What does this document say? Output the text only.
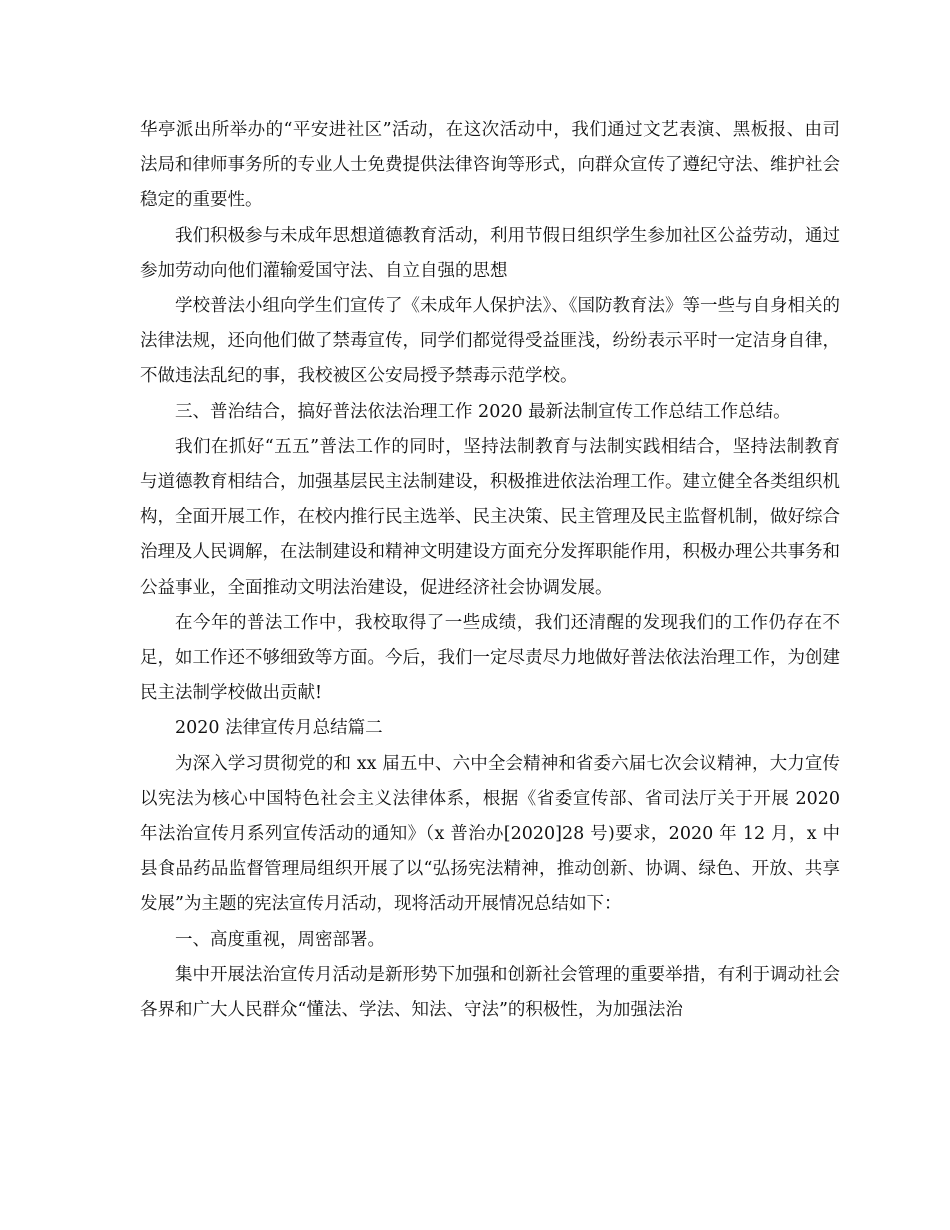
华亭派出所举办的“平安进社区”活动，在这次活动中，我们通过文艺表演、黑板报、由司法局和律师事务所的专业人士免费提供法律咨询等形式，向群众宣传了遵纪守法、维护社会稳定的重要性。

我们积极参与未成年思想道德教育活动，利用节假日组织学生参加社区公益劳动，通过参加劳动向他们灌输爱国守法、自立自强的思想

学校普法小组向学生们宣传了《未成年人保护法》、《国防教育法》等一些与自身相关的法律法规，还向他们做了禁毒宣传，同学们都觉得受益匪浅，纷纷表示平时一定洁身自律，不做违法乱纪的事，我校被区公安局授予禁毒示范学校。

三、普治结合，搞好普法依法治理工作 2020 最新法制宣传工作总结工作总结。

我们在抓好“五五”普法工作的同时，坚持法制教育与法制实践相结合，坚持法制教育与道德教育相结合，加强基层民主法制建设，积极推进依法治理工作。建立健全各类组织机构，全面开展工作，在校内推行民主选举、民主决策、民主管理及民主监督机制，做好综合治理及人民调解，在法制建设和精神文明建设方面充分发挥职能作用，积极办理公共事务和公益事业，全面推动文明法治建设，促进经济社会协调发展。

在今年的普法工作中，我校取得了一些成绩，我们还清醒的发现我们的工作仍存在不足，如工作还不够细致等方面。今后，我们一定尽责尽力地做好普法依法治理工作，为创建民主法制学校做出贡献!

2020 法律宣传月总结篇二

为深入学习贯彻党的和 xx 届五中、六中全会精神和省委六届七次会议精神，大力宣传以宪法为核心中国特色社会主义法律体系，根据《省委宣传部、省司法厅关于开展 2020 年法治宣传月系列宣传活动的通知》（x 普治办[2020]28 号)要求，2020 年 12 月，x 中县食品药品监督管理局组织开展了以“弘扬宪法精神，推动创新、协调、绿色、开放、共享发展”为主题的宪法宣传月活动，现将活动开展情况总结如下：

一、高度重视，周密部署。

集中开展法治宣传月活动是新形势下加强和创新社会管理的重要举措，有利于调动社会各界和广大人民群众“懂法、学法、知法、守法”的积极性，为加强法治
